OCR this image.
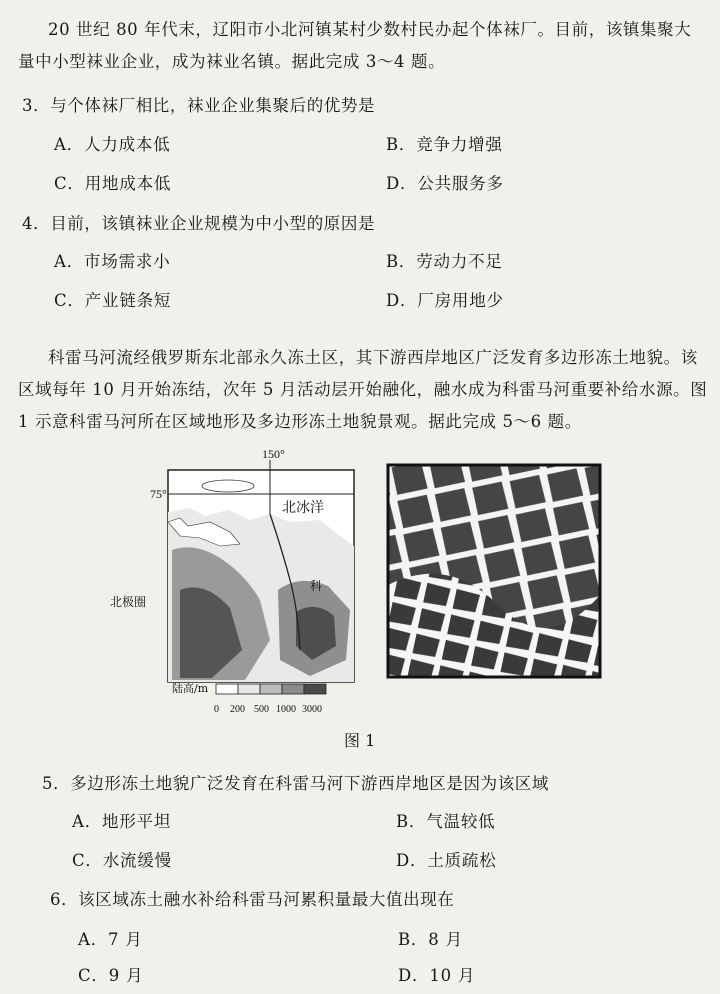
20 世纪 80 年代末，辽阳市小北河镇某村少数村民办起个体袜厂。目前，该镇集聚大量中小型袜业企业，成为袜业名镇。据此完成 3～4 题。
3．与个体袜厂相比，袜业企业集聚后的优势是
A．人力成本低	B．竞争力增强
C．用地成本低	D．公共服务多
4．目前，该镇袜业企业规模为中小型的原因是
A．市场需求小	B．劳动力不足
C．产业链条短	D．厂房用地少
科雷马河流经俄罗斯东北部永久冻土区，其下游西岸地区广泛发育多边形冻土地貌。该区域每年 10 月开始冻结，次年 5 月活动层开始融化，融水成为科雷马河重要补给水源。图 1 示意科雷马河所在区域地形及多边形冻土地貌景观。据此完成 5～6 题。
150°
75°
北冰洋
科
北极圈
陆高/m
0 200 500 1000 3000
图 1
5．多边形冻土地貌广泛发育在科雷马河下游西岸地区是因为该区域
A．地形平坦	B．气温较低
C．水流缓慢	D．土质疏松
6．该区域冻土融水补给科雷马河累积量最大值出现在
A．7 月	B．8 月
C．9 月	D．10 月
